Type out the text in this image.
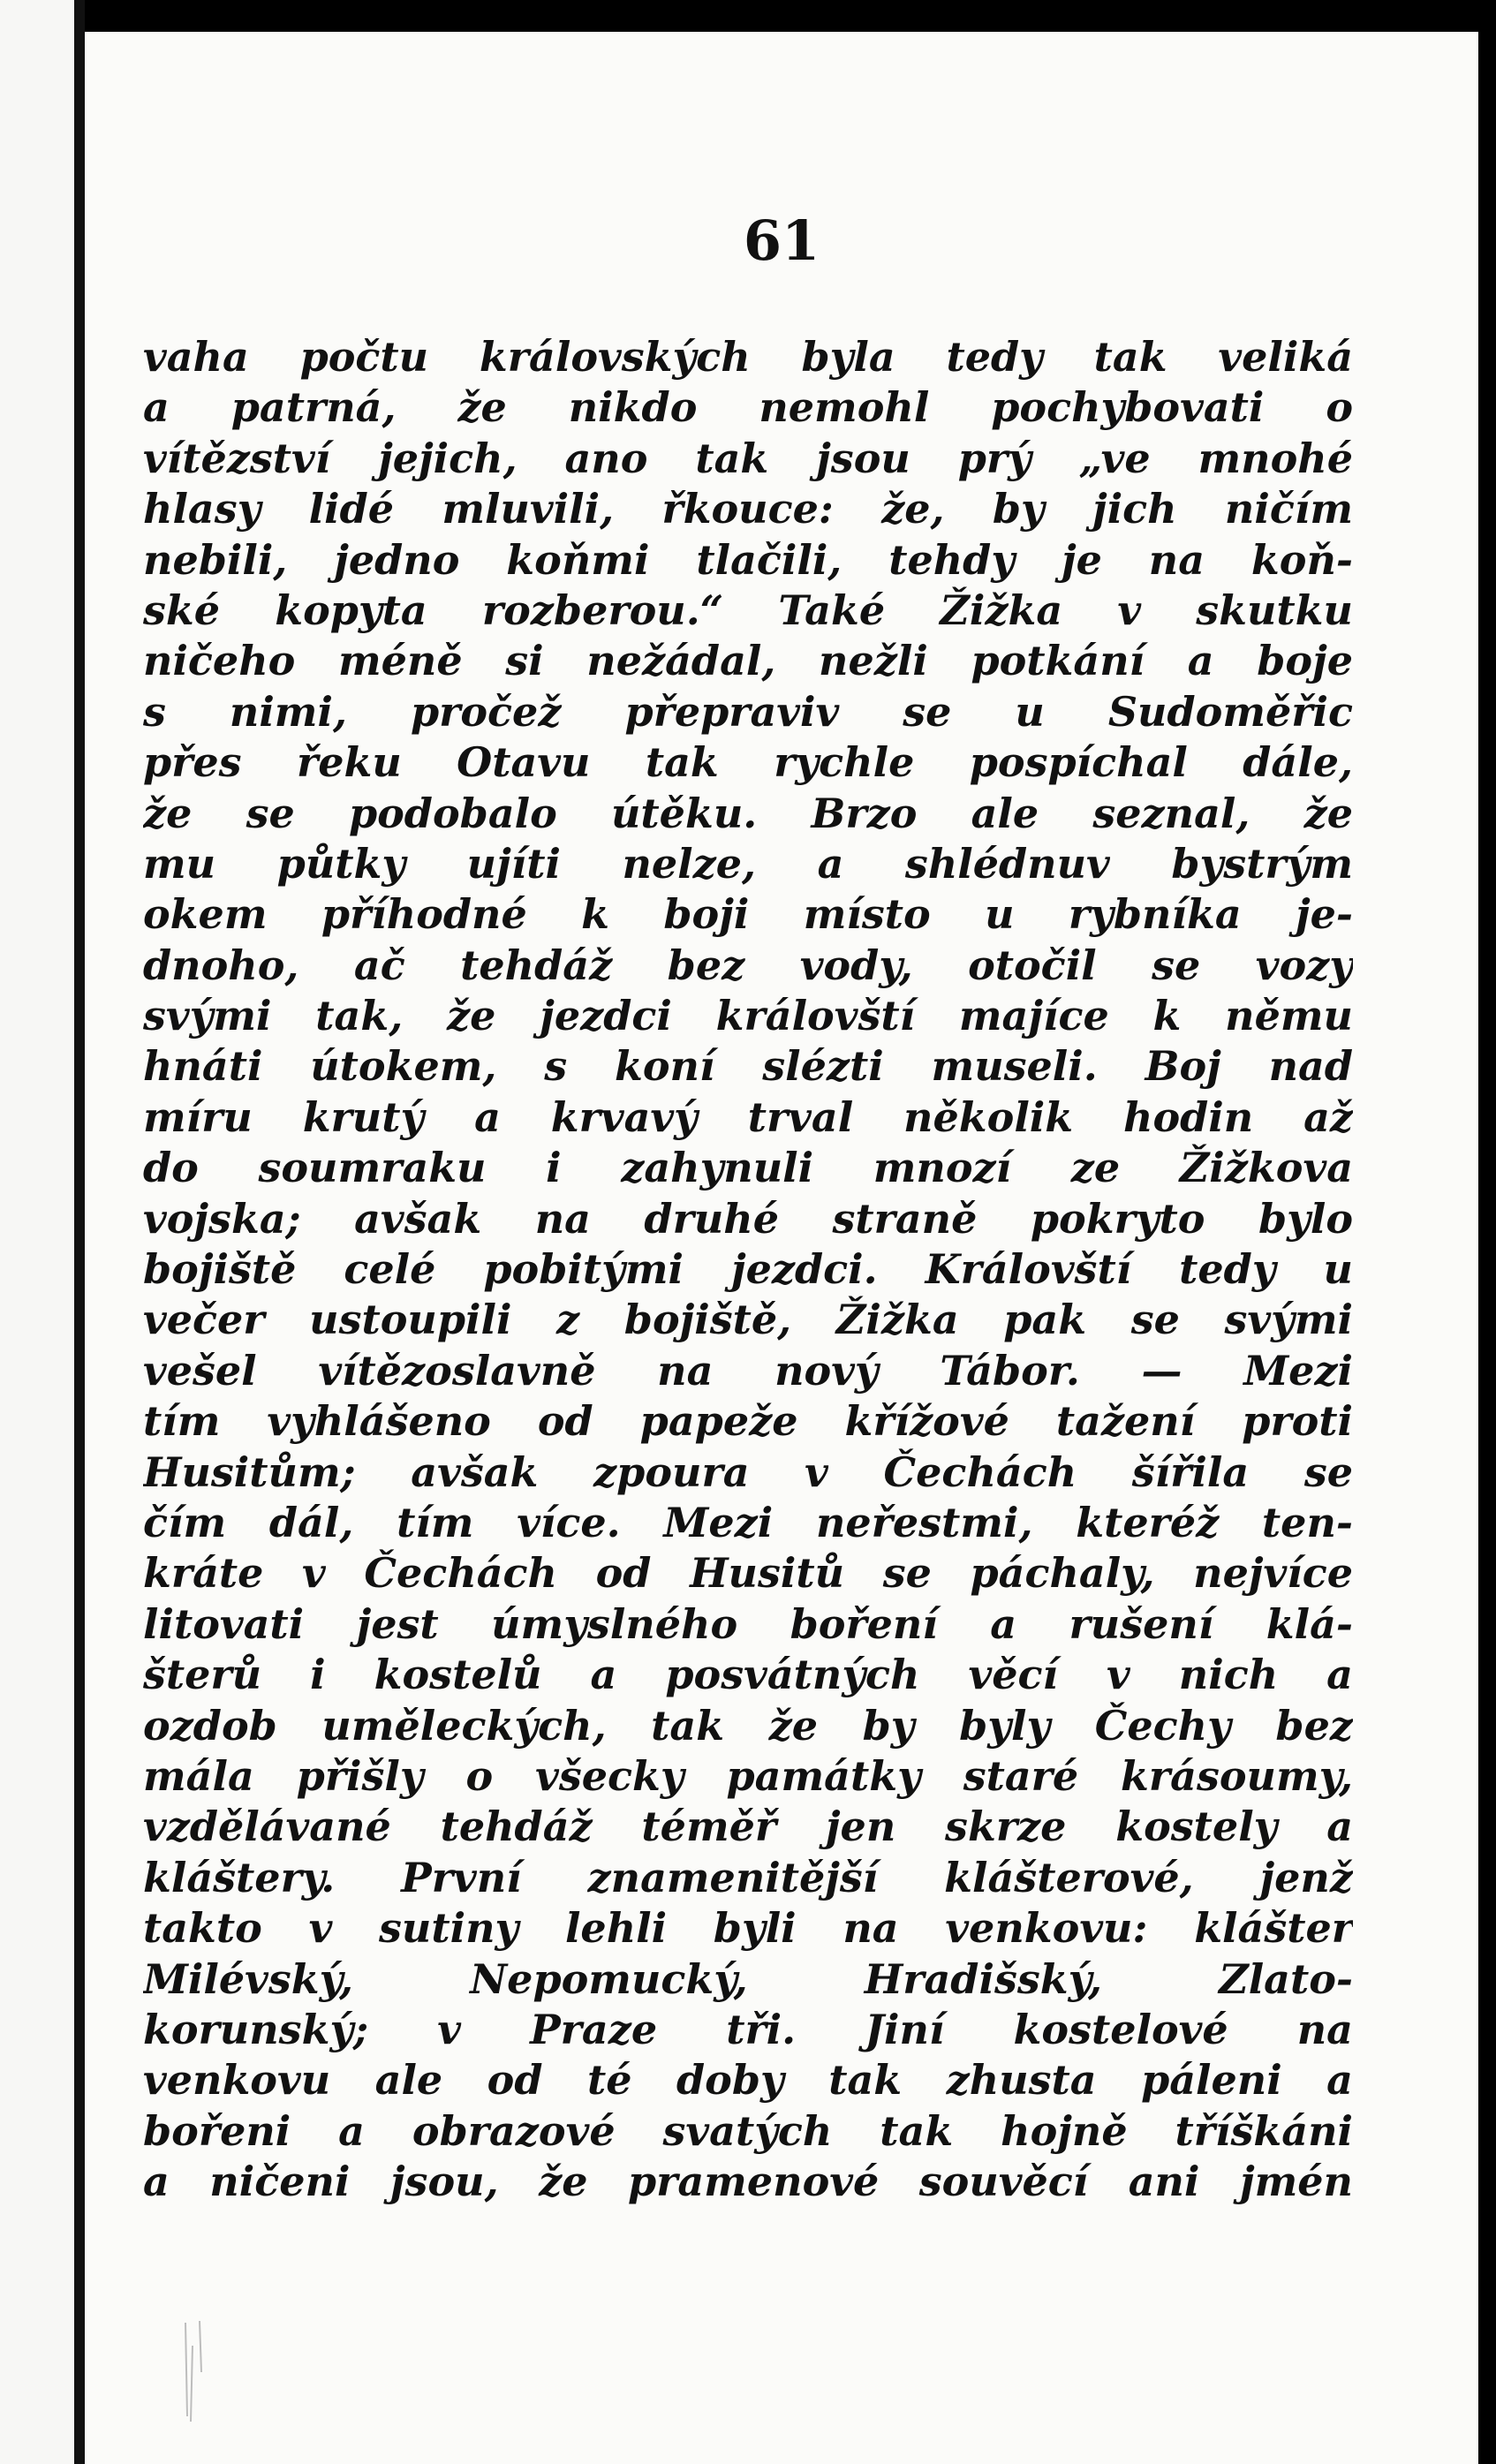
61
vaha počtu královských byla tedy tak veliká
a patrná, že nikdo nemohl pochybovati o
vítězství jejich, ano tak jsou prý „ve mnohé
hlasy lidé mluvili, řkouce: že, by jich ničím
nebili, jedno koňmi tlačili, tehdy je na koň-
ské kopyta rozberou.“ Také Žižka v skutku
ničeho méně si nežádal, nežli potkání a boje
s nimi, pročež přepraviv se u Sudoměřic
přes řeku Otavu tak rychle pospíchal dále,
že se podobalo útěku. Brzo ale seznal, že
mu půtky ujíti nelze, a shlédnuv bystrým
okem příhodné k boji místo u rybníka je-
dnoho, ač tehdáž bez vody, otočil se vozy
svými tak, že jezdci královští majíce k němu
hnáti útokem, s koní slézti museli. Boj nad
míru krutý a krvavý trval několik hodin až
do soumraku i zahynuli mnozí ze Žižkova
vojska; avšak na druhé straně pokryto bylo
bojiště celé pobitými jezdci. Královští tedy u
večer ustoupili z bojiště, Žižka pak se svými
vešel vítězoslavně na nový Tábor. — Mezi
tím vyhlášeno od papeže křížové tažení proti
Husitům; avšak zpoura v Čechách šířila se
čím dál, tím více. Mezi neřestmi, kteréž ten-
kráte v Čechách od Husitů se páchaly, nejvíce
litovati jest úmyslného boření a rušení klá-
šterů i kostelů a posvátných věcí v nich a
ozdob uměleckých, tak že by byly Čechy bez
mála přišly o všecky památky staré krásoumy,
vzdělávané tehdáž téměř jen skrze kostely a
kláštery. První znamenitější klášterové, jenž
takto v sutiny lehli byli na venkovu: klášter
Milévský, Nepomucký, Hradišský, Zlato-
korunský; v Praze tři. Jiní kostelové na
venkovu ale od té doby tak zhusta páleni a
bořeni a obrazové svatých tak hojně tříškáni
a ničeni jsou, že pramenové souvěcí ani jmén
